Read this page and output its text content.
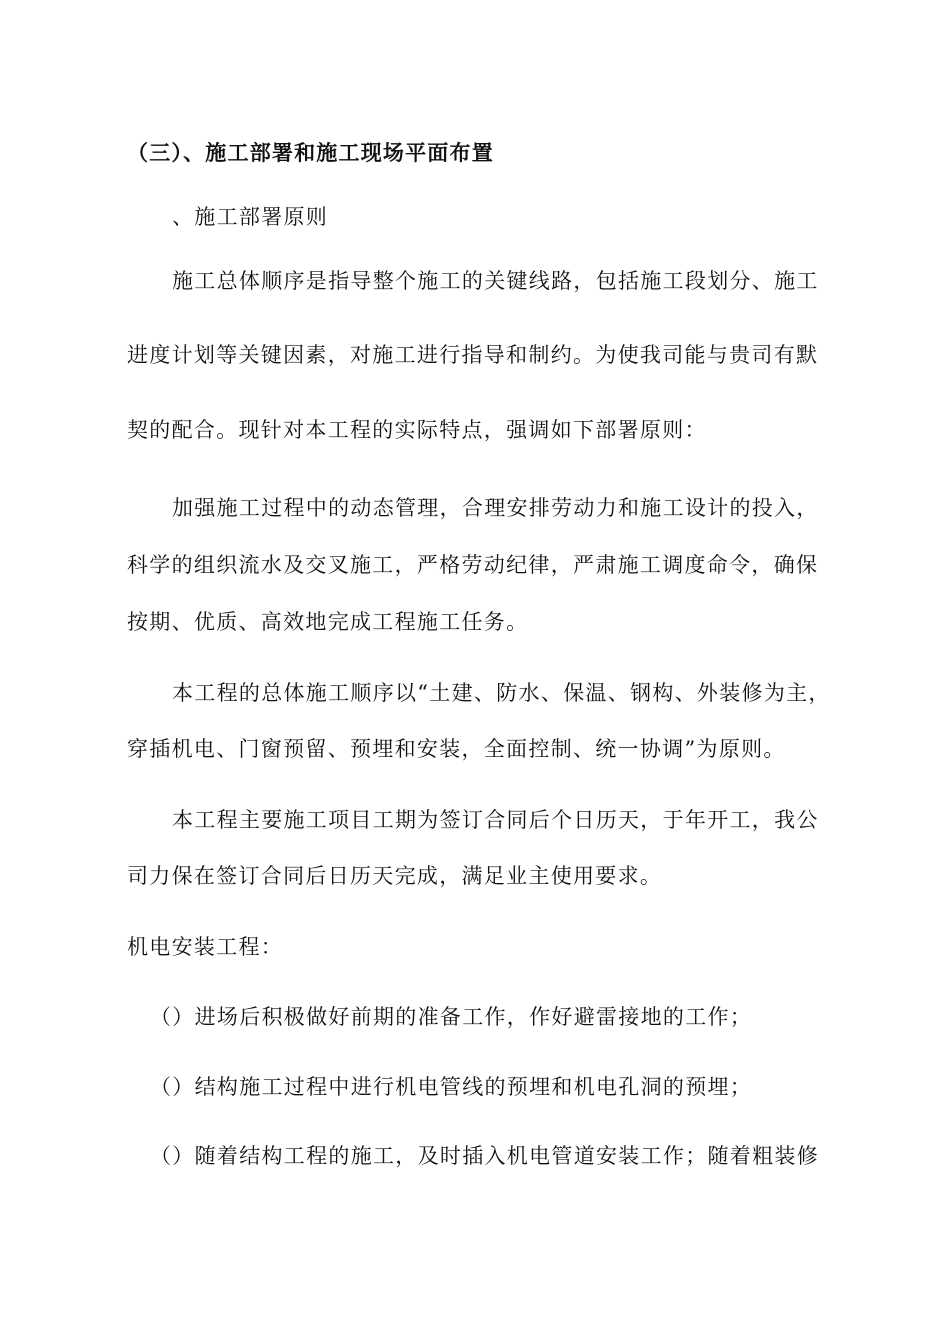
（三）、施工部署和施工现场平面布置
、施工部署原则
施工总体顺序是指导整个施工的关键线路，包括施工段划分、施工
进度计划等关键因素，对施工进行指导和制约。为使我司能与贵司有默
契的配合。现针对本工程的实际特点，强调如下部署原则：
加强施工过程中的动态管理，合理安排劳动力和施工设计的投入，
科学的组织流水及交叉施工，严格劳动纪律，严肃施工调度命令，确保
按期、优质、高效地完成工程施工任务。
本工程的总体施工顺序以“土建、防水、保温、钢构、外装修为主，
穿插机电、门窗预留、预埋和安装，全面控制、统一协调”为原则。
本工程主要施工项目工期为签订合同后个日历天，于年开工，我公
司力保在签订合同后日历天完成，满足业主使用要求。
机电安装工程：
（）进场后积极做好前期的准备工作，作好避雷接地的工作；
（）结构施工过程中进行机电管线的预埋和机电孔洞的预埋；
（）随着结构工程的施工，及时插入机电管道安装工作；随着粗装修
